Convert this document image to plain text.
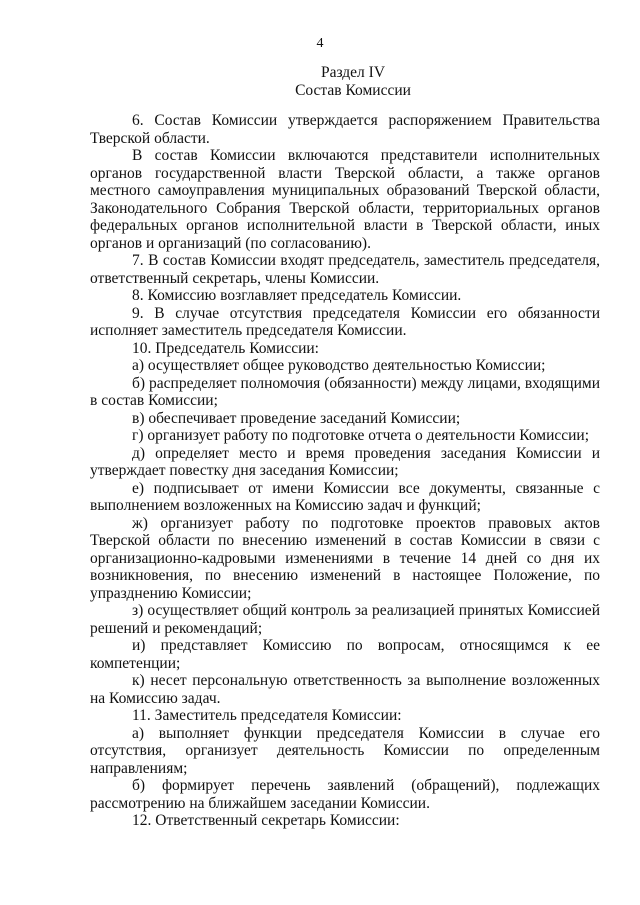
4
Раздел IV
Состав Комиссии

6. Состав Комиссии утверждается распоряжением Правительства Тверской области.

В состав Комиссии включаются представители исполнительных органов государственной власти Тверской области, а также органов местного самоуправления муниципальных образований Тверской области, Законодательного Собрания Тверской области, территориальных органов федеральных органов исполнительной власти в Тверской области, иных органов и организаций (по согласованию).

7. В состав Комиссии входят председатель, заместитель председателя, ответственный секретарь, члены Комиссии.

8. Комиссию возглавляет председатель Комиссии.

9. В случае отсутствия председателя Комиссии его обязанности исполняет заместитель председателя Комиссии.

10. Председатель Комиссии:

а) осуществляет общее руководство деятельностью Комиссии;

б) распределяет полномочия (обязанности) между лицами, входящими в состав Комиссии;

в) обеспечивает проведение заседаний Комиссии;

г) организует работу по подготовке отчета о деятельности Комиссии;

д) определяет место и время проведения заседания Комиссии и утверждает повестку дня заседания Комиссии;

е) подписывает от имени Комиссии все документы, связанные с выполнением возложенных на Комиссию задач и функций;

ж) организует работу по подготовке проектов правовых актов Тверской области по внесению изменений в состав Комиссии в связи с организационно-кадровыми изменениями в течение 14 дней со дня их возникновения, по внесению изменений в настоящее Положение, по упразднению Комиссии;

з) осуществляет общий контроль за реализацией принятых Комиссией решений и рекомендаций;

и) представляет Комиссию по вопросам, относящимся к ее компетенции;

к) несет персональную ответственность за выполнение возложенных на Комиссию задач.

11. Заместитель председателя Комиссии:

а) выполняет функции председателя Комиссии в случае его отсутствия, организует деятельность Комиссии по определенным направлениям;

б) формирует перечень заявлений (обращений), подлежащих рассмотрению на ближайшем заседании Комиссии.

12. Ответственный секретарь Комиссии:
